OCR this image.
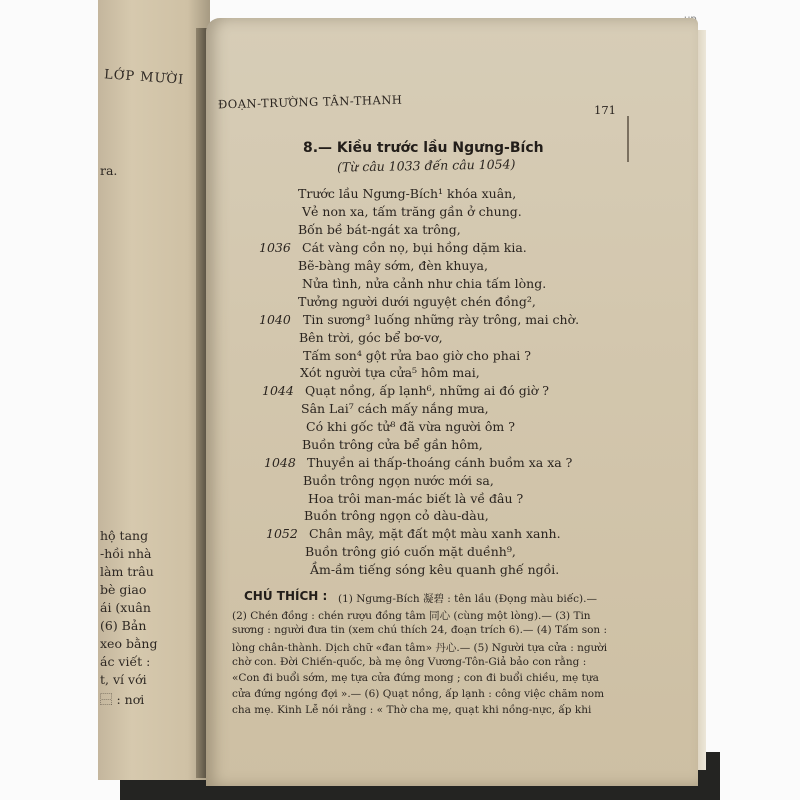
LỚP MƯỜI
ra.
hộ tang
-hồi nhà
làm trâu
bè giao
ái (xuân
(6) Bản
xeo bằng
ác viết :
t, ví với
⿱ : nơi
ĐOẠN-TRƯỜNG TÂN-THANH	171
8.— Kiều trước lầu Ngưng-Bích
(Từ câu 1033 đến câu 1054)
1036
1040
1044
1048
1052
Trước lầu Ngưng-Bích¹ khóa xuân,
Vẻ non xa, tấm trăng gần ở chung.
Bốn bề bát-ngát xa trông,
Cát vàng cồn nọ, bụi hồng dặm kia.
Bẽ-bàng mây sớm, đèn khuya,
Nửa tình, nửa cảnh như chia tấm lòng.
Tưởng người dưới nguyệt chén đồng²,
Tin sương³ luống những rày trông, mai chờ.
Bên trời, góc bể bơ-vơ,
Tấm son⁴ gột rửa bao giờ cho phai ?
Xót người tựa cửa⁵ hôm mai,
Quạt nồng, ấp lạnh⁶, những ai đó giờ ?
Sân Lai⁷ cách mấy nắng mưa,
Có khi gốc tử⁸ đã vừa người ôm ?
Buồn trông cửa bể gần hôm,
Thuyền ai thấp-thoáng cánh buồm xa xa ?
Buồn trông ngọn nước mới sa,
Hoa trôi man-mác biết là về đâu ?
Buồn trông ngọn cỏ dàu-dàu,
Chân mây, mặt đất một màu xanh xanh.
Buồn trông gió cuốn mặt duềnh⁹,
Ầm-ầm tiếng sóng kêu quanh ghế ngồi.
CHÚ THÍCH : (1) Ngưng-Bích 凝碧 : tên lầu (Đọng màu biếc).—
(2) Chén đồng : chén rượu đồng tâm 同心 (cùng một lòng).— (3) Tin
sương : người đưa tin (xem chú thích 24, đoạn trích 6).— (4) Tấm son :
lòng chân-thành. Dịch chữ «đan tâm» 丹心.— (5) Người tựa cửa : người
chờ con. Đời Chiến-quốc, bà mẹ ông Vương-Tôn-Giả bảo con rằng :
«Con đi buổi sớm, mẹ tựa cửa đứng mong ; con đi buổi chiều, mẹ tựa
cửa đứng ngóng đợi ».— (6) Quạt nồng, ấp lạnh : công việc chăm nom
cha mẹ. Kinh Lễ nói rằng : « Thờ cha mẹ, quạt khi nồng-nực, ấp khi
